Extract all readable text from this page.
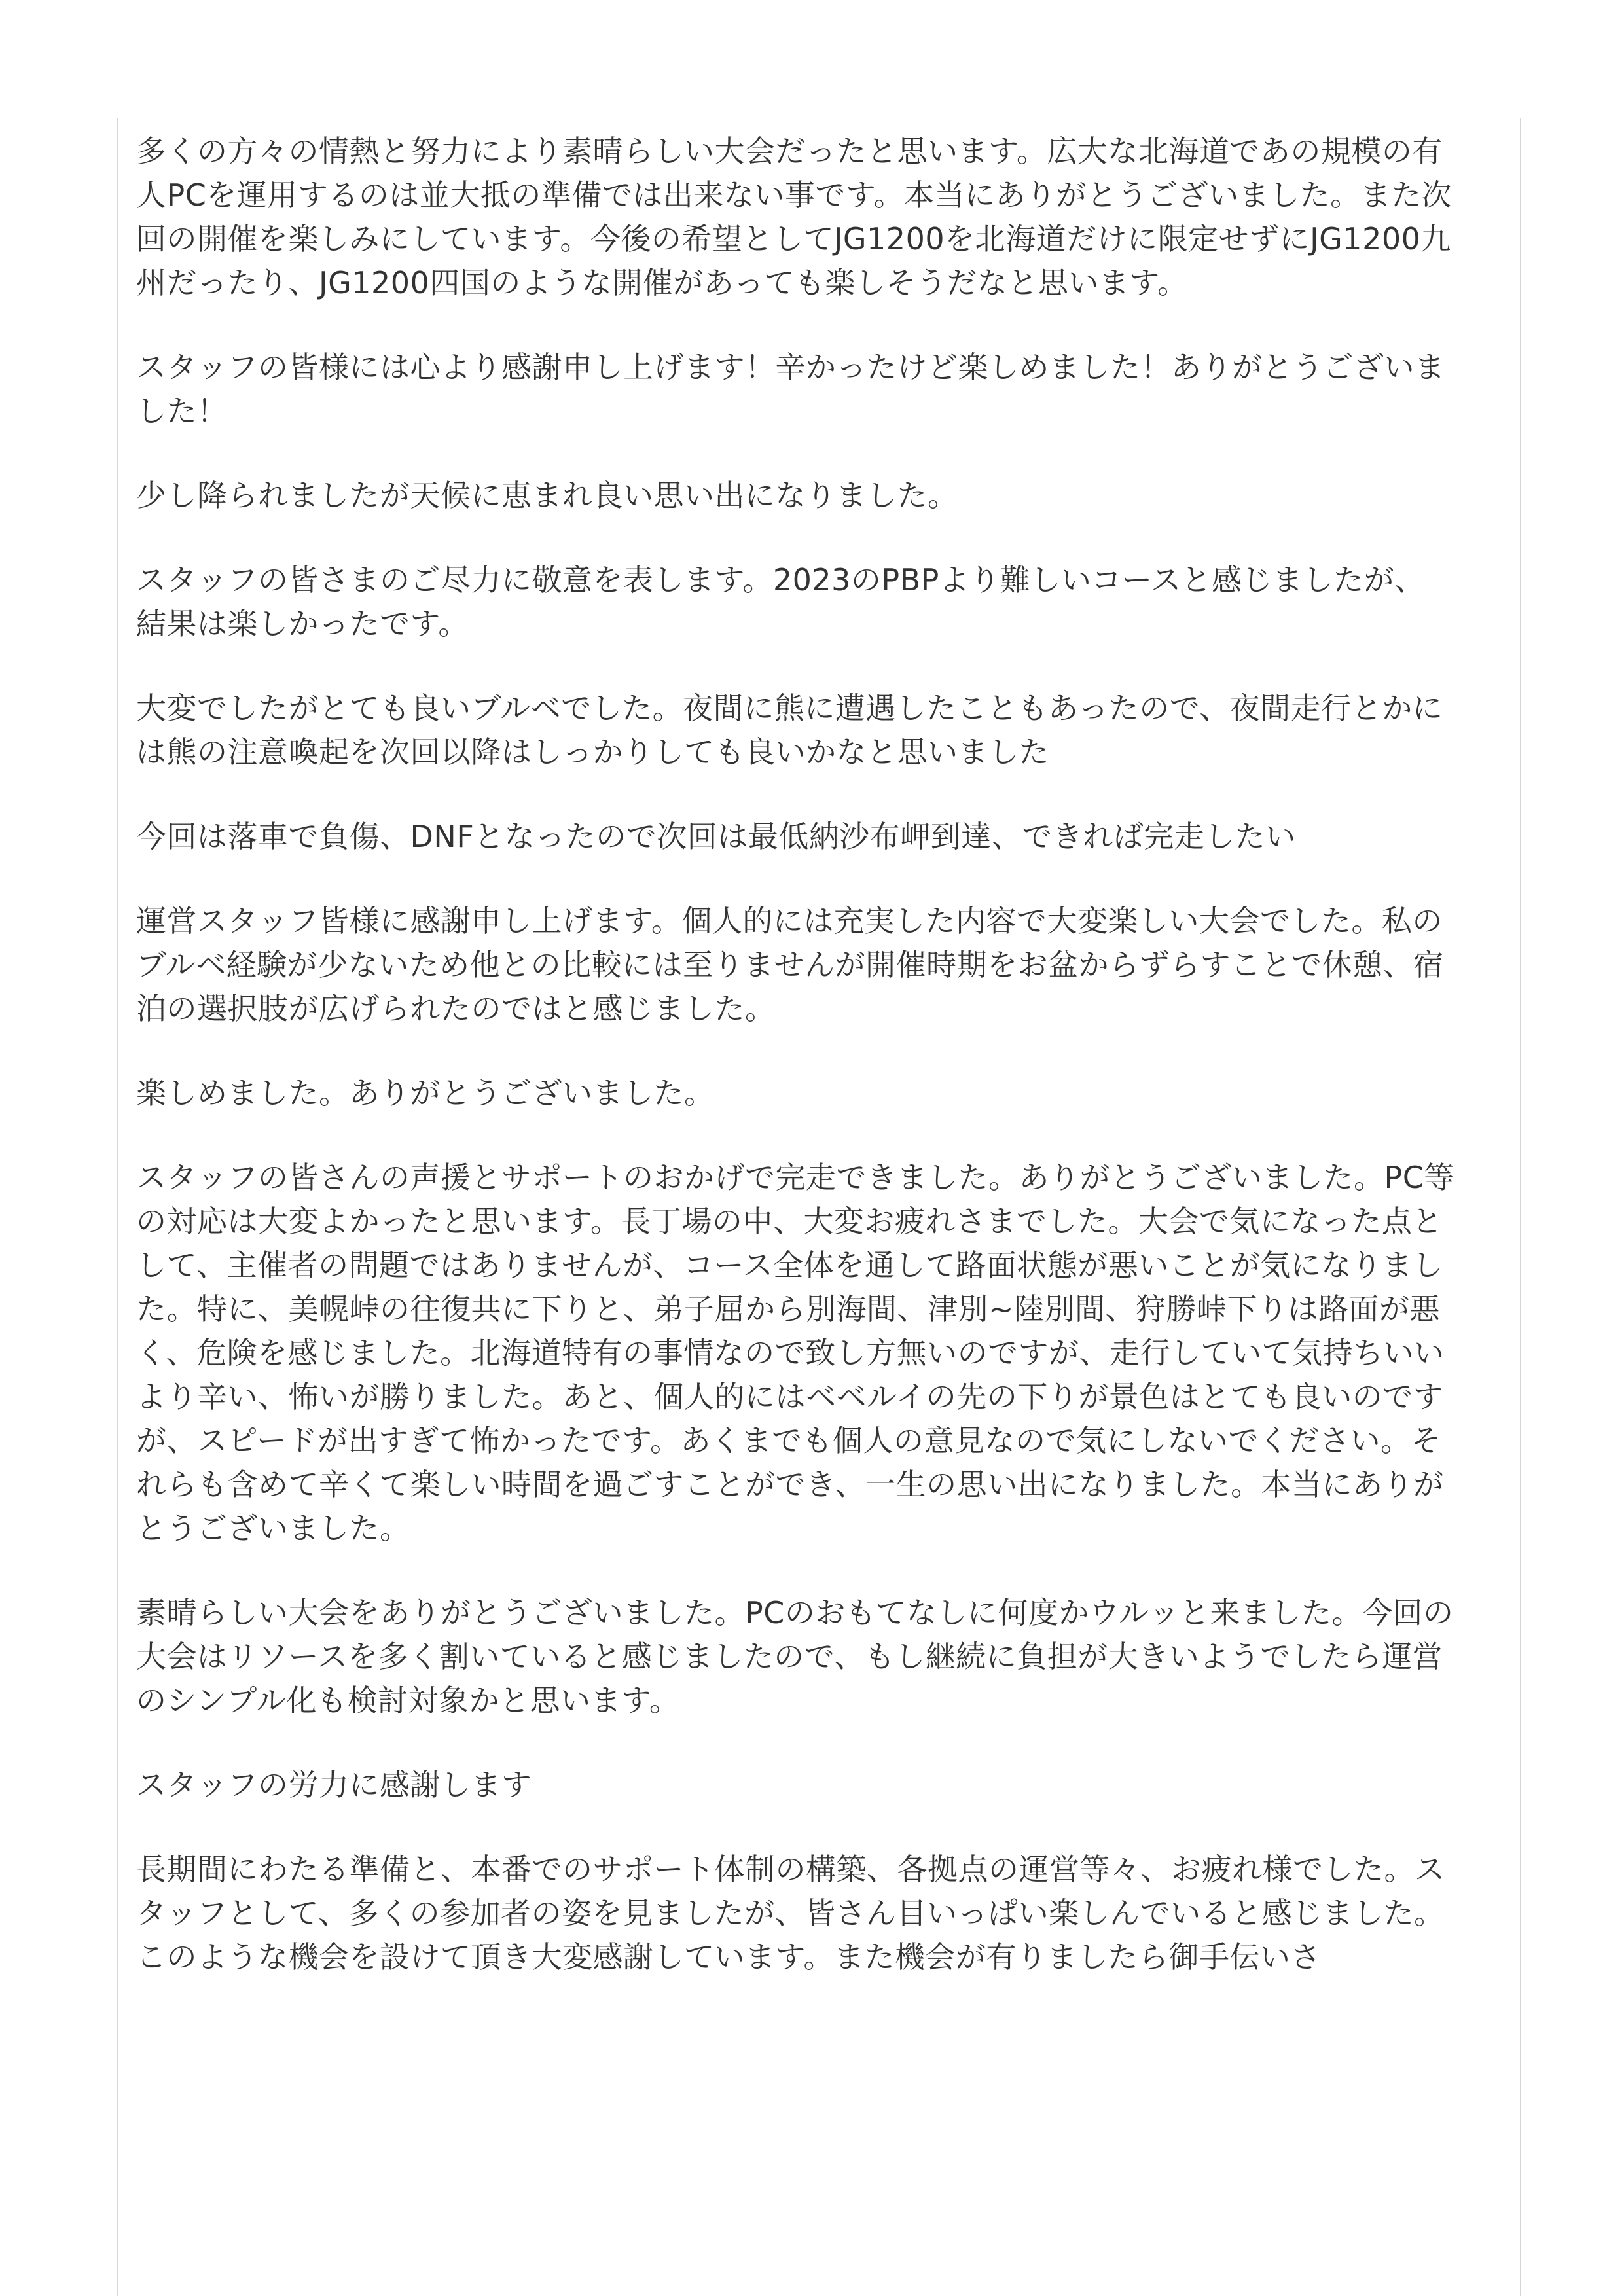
多くの方々の情熱と努力により素晴らしい大会だったと思います。広大な北海道であの規模の有人PCを運用するのは並大抵の準備では出来ない事です。本当にありがとうございました。また次回の開催を楽しみにしています。今後の希望としてJG1200を北海道だけに限定せずにJG1200九州だったり、JG1200四国のような開催があっても楽しそうだなと思います。
スタッフの皆様には心より感謝申し上げます！辛かったけど楽しめました！ありがとうございました！
少し降られましたが天候に恵まれ良い思い出になりました。
スタッフの皆さまのご尽力に敬意を表します。2023のPBPより難しいコースと感じましたが、
結果は楽しかったです。
大変でしたがとても良いブルベでした。夜間に熊に遭遇したこともあったので、夜間走行とかには熊の注意喚起を次回以降はしっかりしても良いかなと思いました
今回は落車で負傷、DNFとなったので次回は最低納沙布岬到達、できれば完走したい
運営スタッフ皆様に感謝申し上げます。個人的には充実した内容で大変楽しい大会でした。私のブルベ経験が少ないため他との比較には至りませんが開催時期をお盆からずらすことで休憩、宿泊の選択肢が広げられたのではと感じました。
楽しめました。ありがとうございました。
スタッフの皆さんの声援とサポートのおかげで完走できました。ありがとうございました。PC等の対応は大変よかったと思います。長丁場の中、大変お疲れさまでした。大会で気になった点として、主催者の問題ではありませんが、コース全体を通して路面状態が悪いことが気になりました。特に、美幌峠の往復共に下りと、弟子屈から別海間、津別~陸別間、狩勝峠下りは路面が悪く、危険を感じました。北海道特有の事情なので致し方無いのですが、走行していて気持ちいいより辛い、怖いが勝りました。あと、個人的にはベベルイの先の下りが景色はとても良いのですが、スピードが出すぎて怖かったです。あくまでも個人の意見なので気にしないでください。それらも含めて辛くて楽しい時間を過ごすことができ、一生の思い出になりました。本当にありがとうございました。
素晴らしい大会をありがとうございました。PCのおもてなしに何度かウルッと来ました。今回の大会はリソースを多く割いていると感じましたので、もし継続に負担が大きいようでしたら運営のシンプル化も検討対象かと思います。
スタッフの労力に感謝します
長期間にわたる準備と、本番でのサポート体制の構築、各拠点の運営等々、お疲れ様でした。スタッフとして、多くの参加者の姿を見ましたが、皆さん目いっぱい楽しんでいると感じました。　このような機会を設けて頂き大変感謝しています。また機会が有りましたら御手伝いさ
